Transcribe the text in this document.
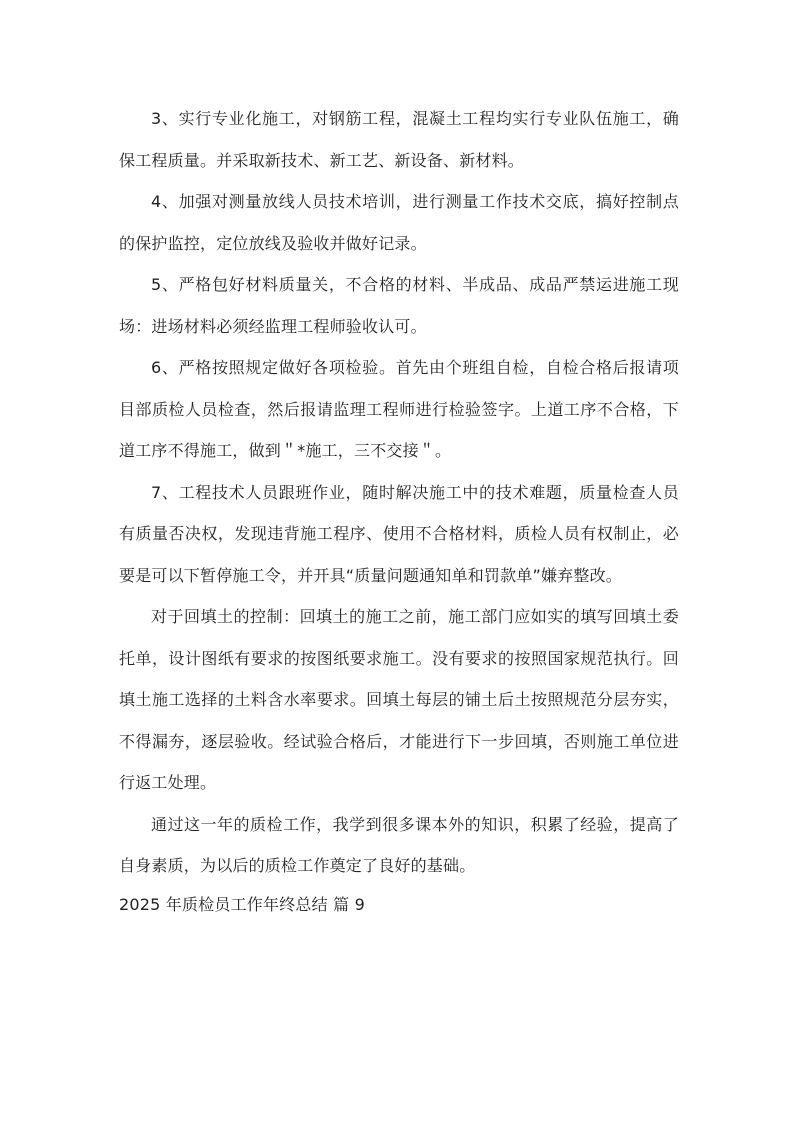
3、实行专业化施工，对钢筋工程，混凝土工程均实行专业队伍施工，确保工程质量。并采取新技术、新工艺、新设备、新材料。

4、加强对测量放线人员技术培训，进行测量工作技术交底，搞好控制点的保护监控，定位放线及验收并做好记录。

5、严格包好材料质量关，不合格的材料、半成品、成品严禁运进施工现场：进场材料必须经监理工程师验收认可。

6、严格按照规定做好各项检验。首先由个班组自检，自检合格后报请项目部质检人员检查，然后报请监理工程师进行检验签字。上道工序不合格，下道工序不得施工，做到＂*施工，三不交接＂。

7、工程技术人员跟班作业，随时解决施工中的技术难题，质量检查人员有质量否决权，发现违背施工程序、使用不合格材料，质检人员有权制止，必要是可以下暂停施工令，并开具“质量问题通知单和罚款单”嫌弃整改。

对于回填土的控制：回填土的施工之前，施工部门应如实的填写回填土委托单，设计图纸有要求的按图纸要求施工。没有要求的按照国家规范执行。回填土施工选择的土料含水率要求。回填土每层的铺土后土按照规范分层夯实，不得漏夯，逐层验收。经试验合格后，才能进行下一步回填，否则施工单位进行返工处理。

通过这一年的质检工作，我学到很多课本外的知识，积累了经验，提高了自身素质，为以后的质检工作奠定了良好的基础。

2025 年质检员工作年终总结 篇 9
